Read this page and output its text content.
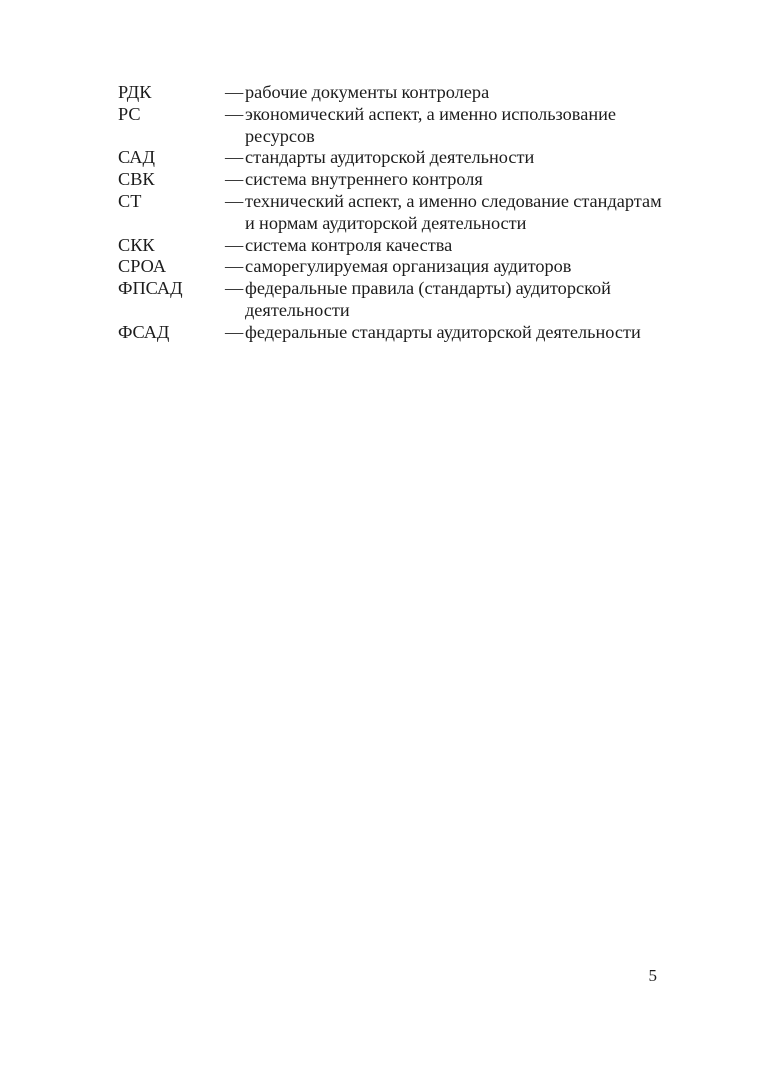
РДК	—рабочие документы контролера
РС	—экономический аспект, а именно использование ресурсов
САД	—стандарты аудиторской деятельности
СВК	—система внутреннего контроля
СТ	—технический аспект, а именно следование стандартам и нормам аудиторской деятельности
СКК	—система контроля качества
СРОА	—саморегулируемая организация аудиторов
ФПСАД	—федеральные правила (стандарты) аудиторской деятельности
ФСАД	—федеральные стандарты аудиторской деятельности
5
